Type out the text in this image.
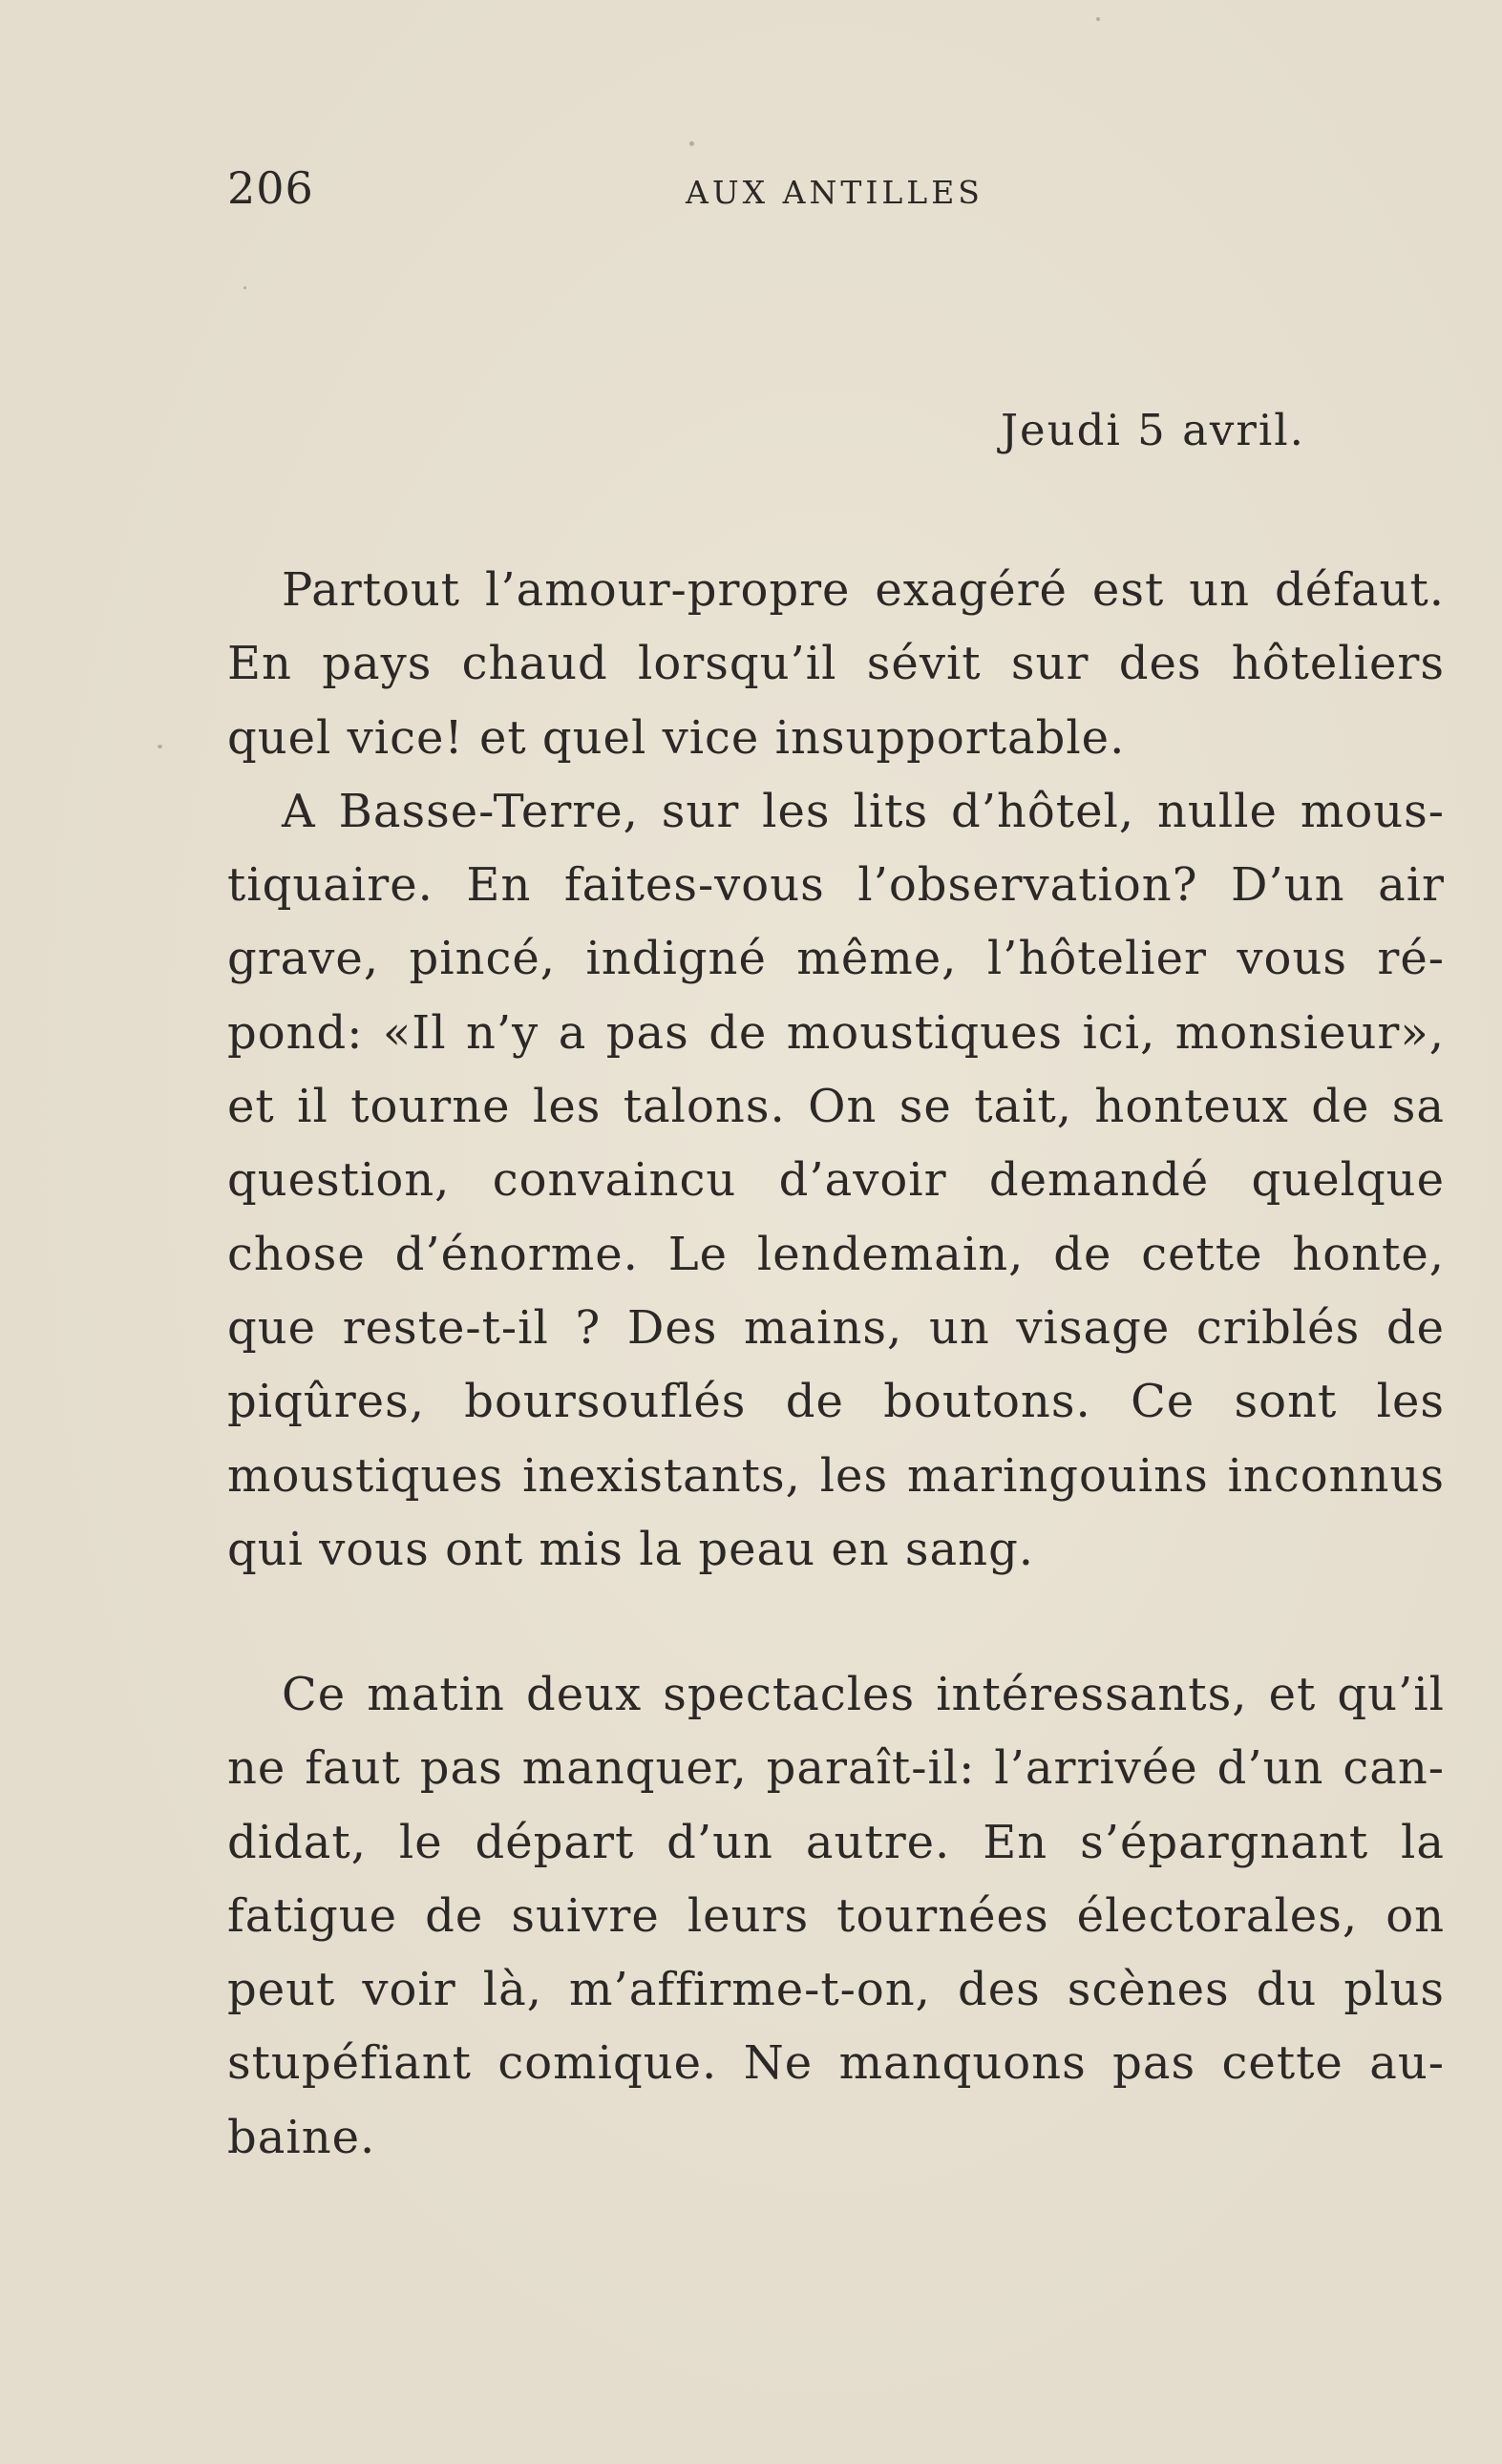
206	AUX ANTILLES
Jeudi 5 avril.

Partout l’amour-propre exagéré est un défaut.
En pays chaud lorsqu’il sévit sur des hôteliers
quel vice! et quel vice insupportable.
A Basse-Terre, sur les lits d’hôtel, nulle mous-
tiquaire. En faites-vous l’observation? D’un air
grave, pincé, indigné même, l’hôtelier vous ré-
pond: «Il n’y a pas de moustiques ici, monsieur»,
et il tourne les talons. On se tait, honteux de sa
question, convaincu d’avoir demandé quelque
chose d’énorme. Le lendemain, de cette honte,
que reste-t-il ? Des mains, un visage criblés de
piqûres, boursouflés de boutons. Ce sont les
moustiques inexistants, les maringouins inconnus
qui vous ont mis la peau en sang.

Ce matin deux spectacles intéressants, et qu’il
ne faut pas manquer, paraît-il: l’arrivée d’un can-
didat, le départ d’un autre. En s’épargnant la
fatigue de suivre leurs tournées électorales, on
peut voir là, m’affirme-t-on, des scènes du plus
stupéfiant comique. Ne manquons pas cette au-
baine.
